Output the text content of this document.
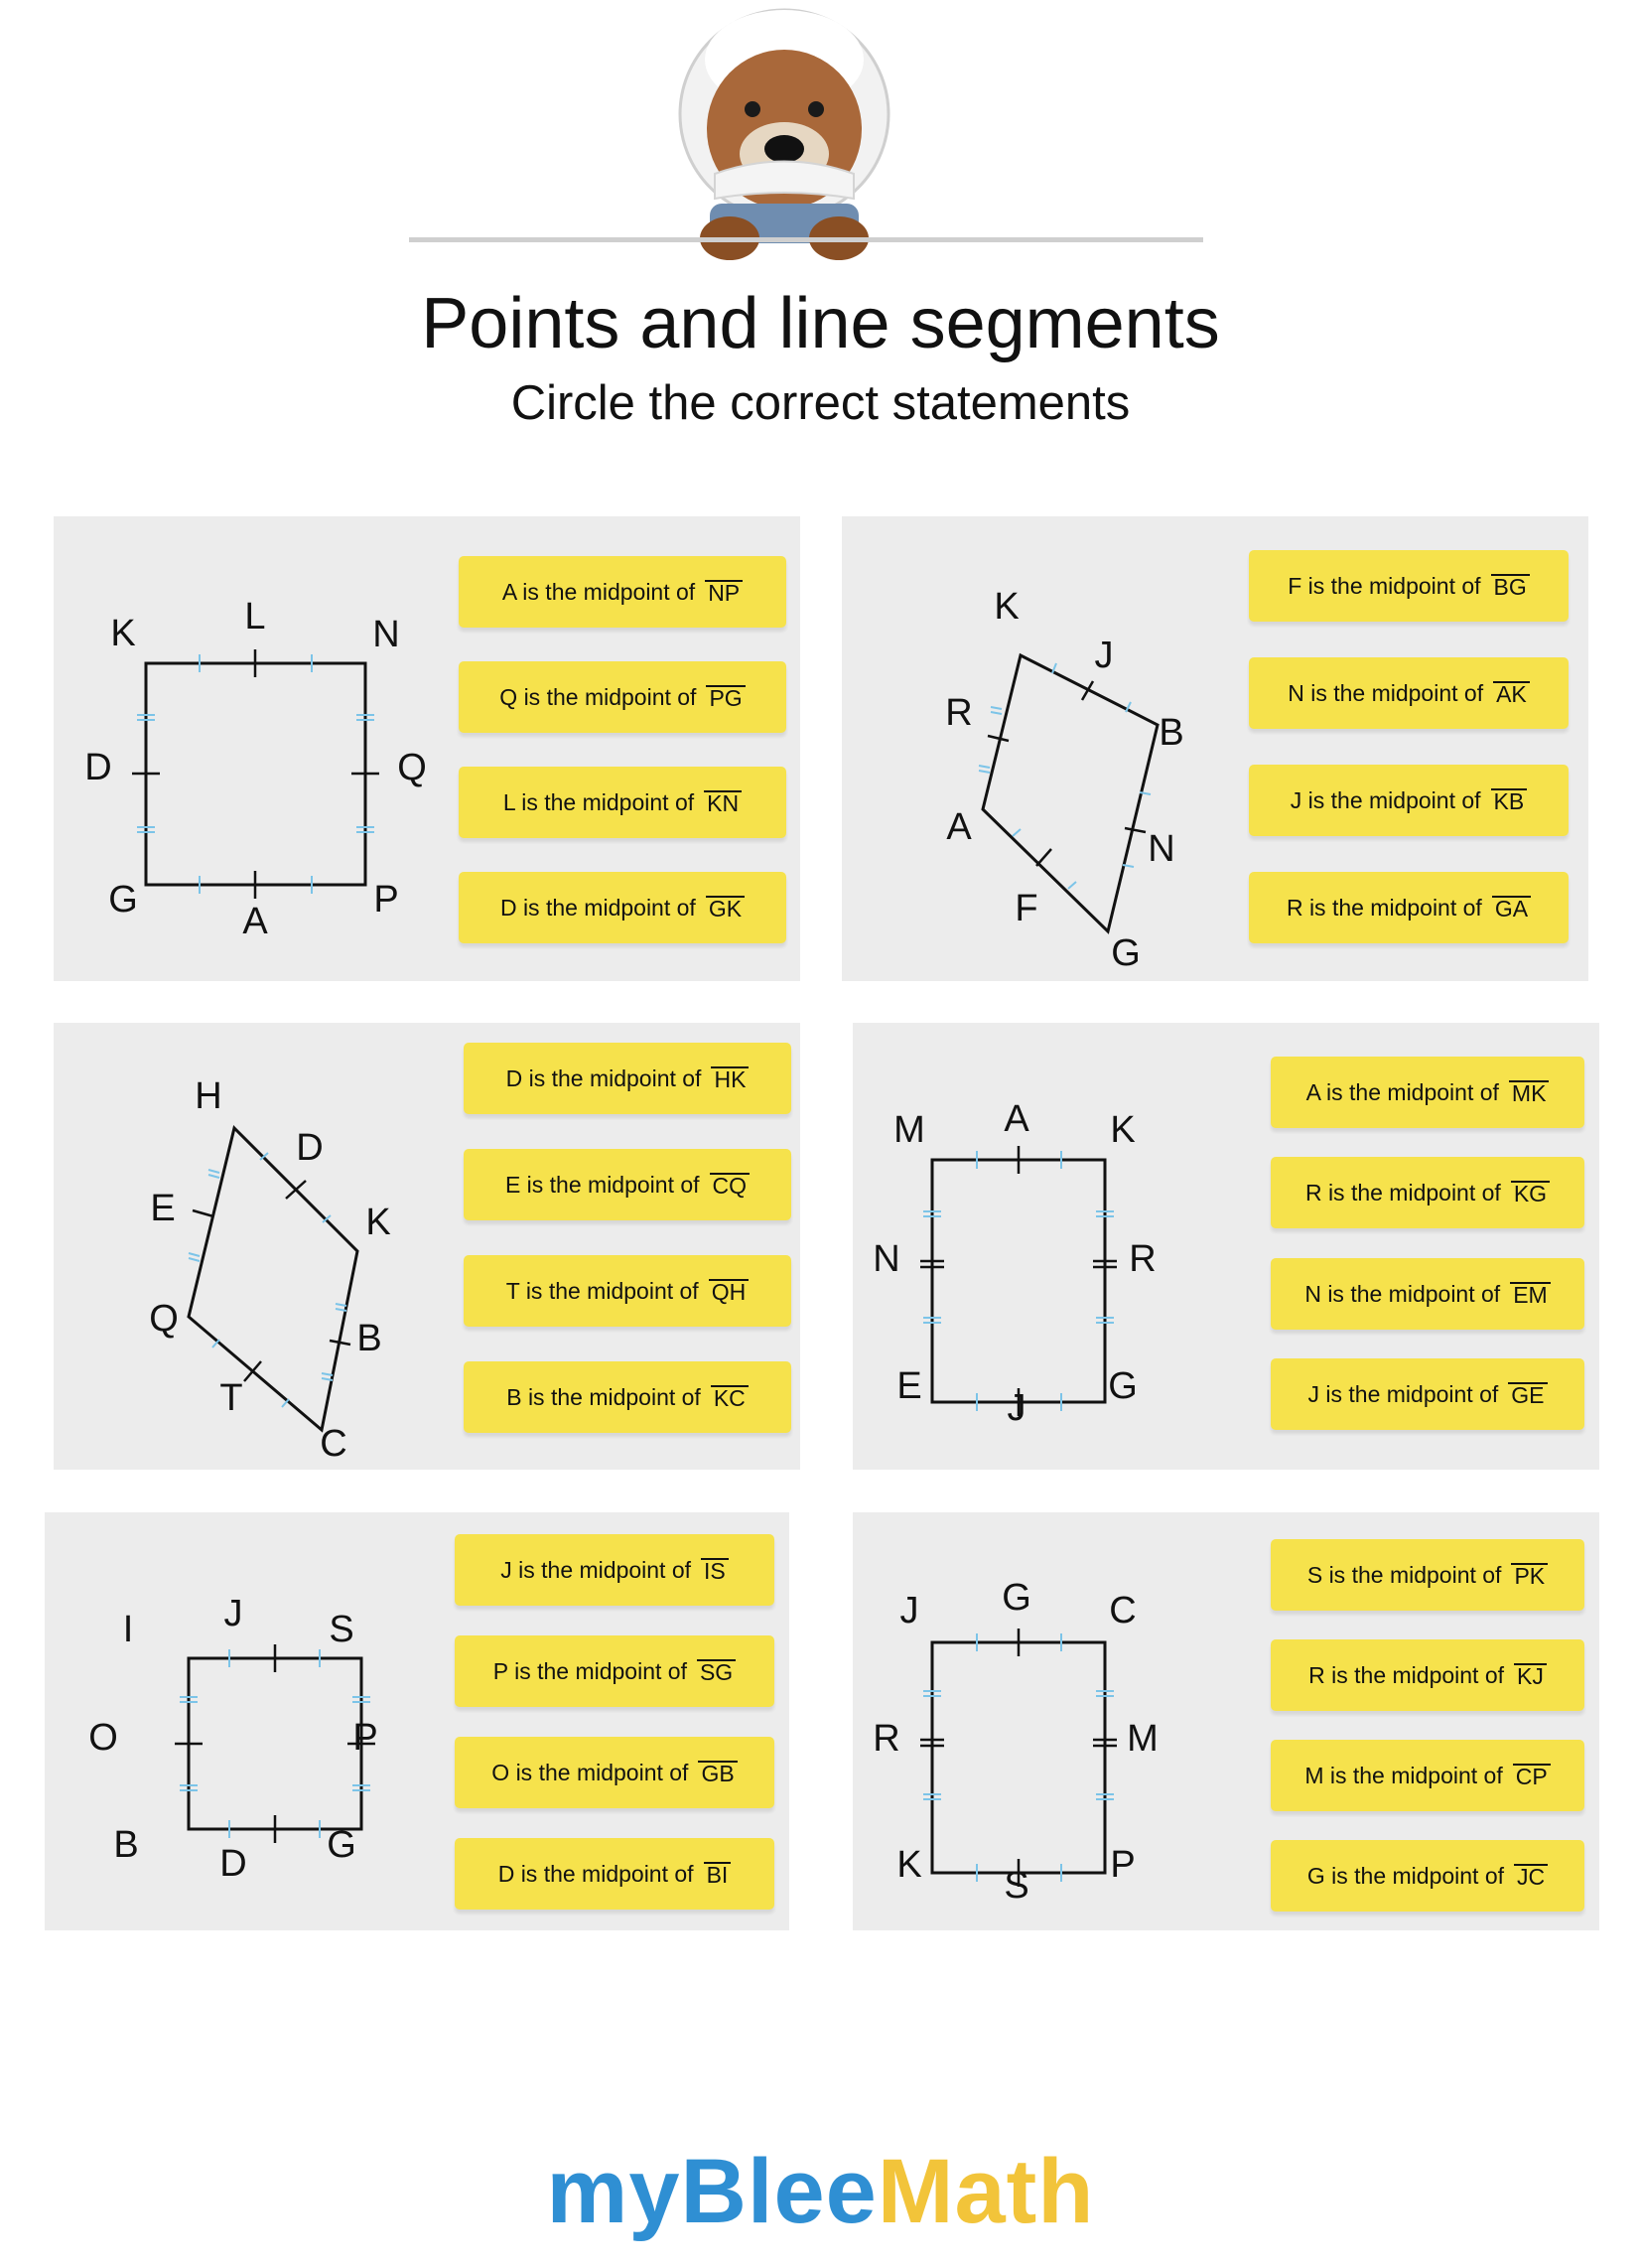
Points and line segments
Circle the correct statements
K	L	N
D	Q
G
A
P
A is the midpoint of NP
Q is the midpoint of PG
L is the midpoint of KN
D is the midpoint of GK
K
J
R	B
A
N
F
G
F is the midpoint of BG
N is the midpoint of AK
J is the midpoint of KB
R is the midpoint of GA
H
D
E	K
Q	B
T
C
D is the midpoint of HK
E is the midpoint of CQ
T is the midpoint of QH
B is the midpoint of KC
M A K
N	R
E
J
G
A is the midpoint of MK
R is the midpoint of KG
N is the midpoint of EM
J is the midpoint of GE
I J S
O	P
B D G
J is the midpoint of IS
P is the midpoint of SG
O is the midpoint of GB
D is the midpoint of BI
J G C
R	M
K S P
S is the midpoint of PK
R is the midpoint of KJ
M is the midpoint of CP
G is the midpoint of JC
myBleeMath
